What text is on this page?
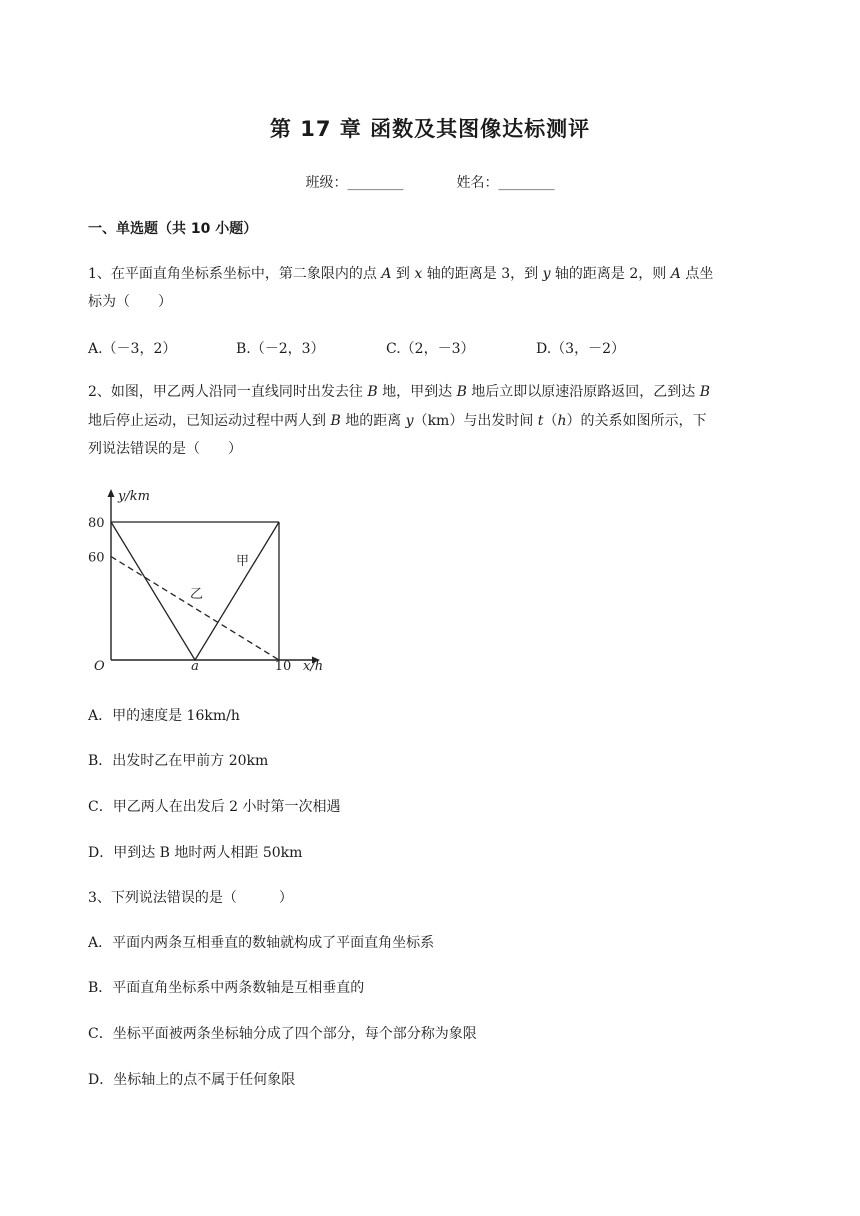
第 17 章 函数及其图像达标测评
班级：________	姓名：________
一、单选题（共 10 小题）
1、在平面直角坐标系坐标中，第二象限内的点 A 到 x 轴的距离是 3，到 y 轴的距离是 2，则 A 点坐
标为（　　）
A.（－3，2）	B.（－2，3）	C.（2，－3）	D.（3，－2）
2、如图，甲乙两人沿同一直线同时出发去往 B 地，甲到达 B 地后立即以原速沿原路返回，乙到达 B
地后停止运动，已知运动过程中两人到 B 地的距离 y（km）与出发时间 t（h）的关系如图所示，下
列说法错误的是（　　）
甲
乙
y/km
x/h
O
80
60
a	10
A．甲的速度是 16km/h
B．出发时乙在甲前方 20km
C．甲乙两人在出发后 2 小时第一次相遇
D．甲到达 B 地时两人相距 50km
3、下列说法错误的是（　　　）
A．平面内两条互相垂直的数轴就构成了平面直角坐标系
B．平面直角坐标系中两条数轴是互相垂直的
C．坐标平面被两条坐标轴分成了四个部分，每个部分称为象限
D．坐标轴上的点不属于任何象限
